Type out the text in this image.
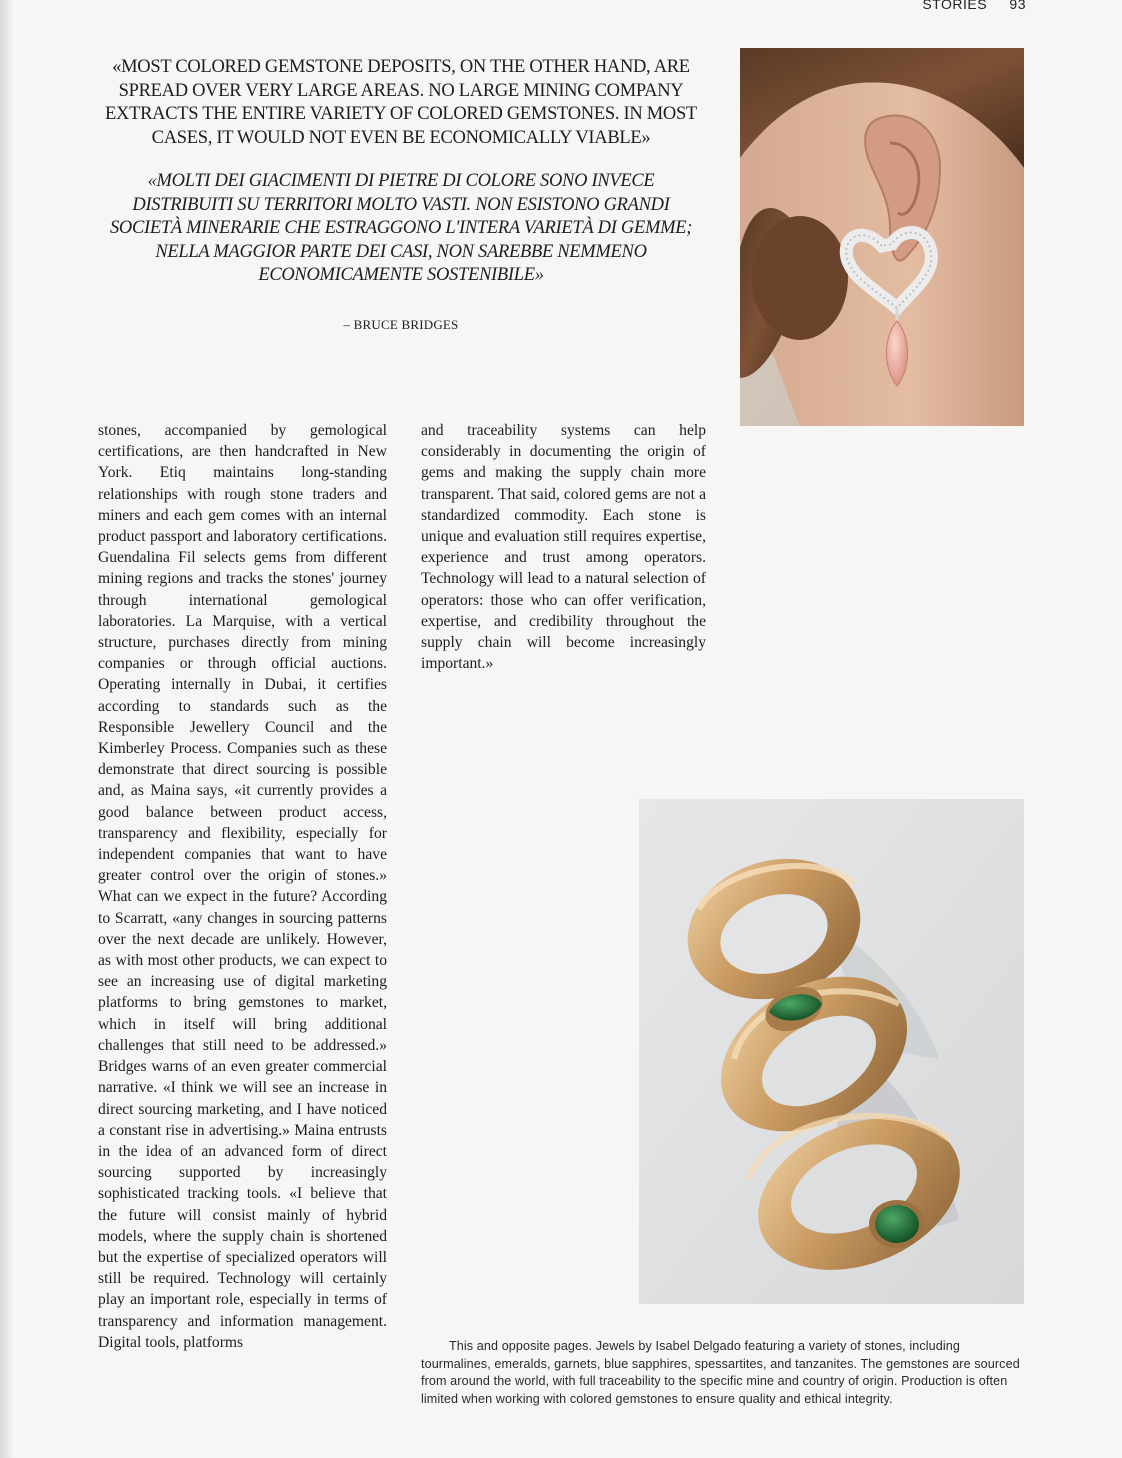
STORIES 93

«MOST COLORED GEMSTONE DEPOSITS, ON THE OTHER HAND, ARE SPREAD OVER VERY LARGE AREAS. NO LARGE MINING COMPANY EXTRACTS THE ENTIRE VARIETY OF COLORED GEMSTONES. IN MOST CASES, IT WOULD NOT EVEN BE ECONOMICALLY VIABLE»

«MOLTI DEI GIACIMENTI DI PIETRE DI COLORE SONO INVECE DISTRIBUITI SU TERRITORI MOLTO VASTI. NON ESISTONO GRANDI SOCIETÀ MINERARIE CHE ESTRAGGONO L'INTERA VARIETÀ DI GEMME; NELLA MAGGIOR PARTE DEI CASI, NON SAREBBE NEMMENO ECONOMICAMENTE SOSTENIBILE»

– BRUCE BRIDGES

stones, accompanied by gemological certifications, are then handcrafted in New York. Etiq maintains long-standing relationships with rough stone traders and miners and each gem comes with an internal product passport and laboratory certifications. Guendalina Fil selects gems from different mining regions and tracks the stones' journey through international gemological laboratories. La Marquise, with a vertical structure, purchases directly from mining companies or through official auctions. Operating internally in Dubai, it certifies according to standards such as the Responsible Jewellery Council and the Kimberley Process. Companies such as these demonstrate that direct sourcing is possible and, as Maina says, «it currently provides a good balance between product access, transparency and flexibility, especially for independent companies that want to have greater control over the origin of stones.» What can we expect in the future? According to Scarratt, «any changes in sourcing patterns over the next decade are unlikely. However, as with most other products, we can expect to see an increasing use of digital marketing platforms to bring gemstones to market, which in itself will bring additional challenges that still need to be addressed.» Bridges warns of an even greater commercial narrative. «I think we will see an increase in direct sourcing marketing, and I have noticed a constant rise in advertising.» Maina entrusts in the idea of an advanced form of direct sourcing supported by increasingly sophisticated tracking tools. «I believe that the future will consist mainly of hybrid models, where the supply chain is shortened but the expertise of specialized operators will still be required. Technology will certainly play an important role, especially in terms of transparency and information management. Digital tools, platforms

and traceability systems can help considerably in documenting the origin of gems and making the supply chain more transparent. That said, colored gems are not a standardized commodity. Each stone is unique and evaluation still requires expertise, experience and trust among operators. Technology will lead to a natural selection of operators: those who can offer verification, expertise, and credibility throughout the supply chain will become increasingly important.»

This and opposite pages. Jewels by Isabel Delgado featuring a variety of stones, including tourmalines, emeralds, garnets, blue sapphires, spessartites, and tanzanites. The gemstones are sourced from around the world, with full traceability to the specific mine and country of origin. Production is often limited when working with colored gemstones to ensure quality and ethical integrity.
